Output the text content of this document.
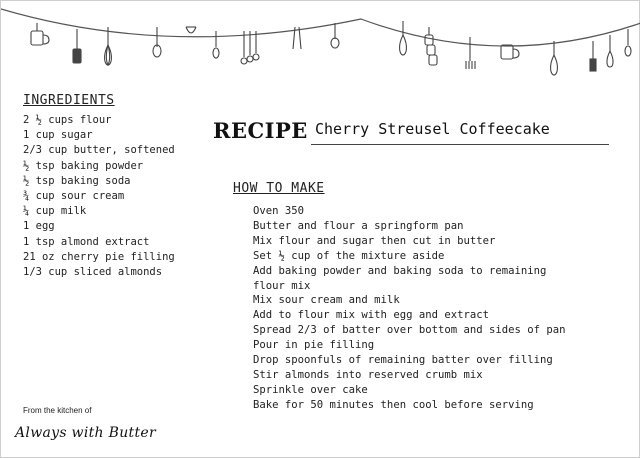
INGREDIENTS
2 ½ cups flour
1 cup sugar
2/3 cup butter, softened
½ tsp baking powder
½ tsp baking soda
¾ cup sour cream
¼ cup milk
1 egg
1 tsp almond extract
21 oz cherry pie filling
1/3 cup sliced almonds
RECIPE Cherry Streusel Coffeecake
HOW TO MAKE
Oven 350
Butter and flour a springform pan
Mix flour and sugar then cut in butter
Set ½ cup of the mixture aside
Add baking powder and baking soda to remaining
flour mix
Mix sour cream and milk
Add to flour mix with egg and extract
Spread 2/3 of batter over bottom and sides of pan
Pour in pie filling
Drop spoonfuls of remaining batter over filling
Stir almonds into reserved crumb mix
Sprinkle over cake
Bake for 50 minutes then cool before serving
From the kitchen of
Always with Butter
